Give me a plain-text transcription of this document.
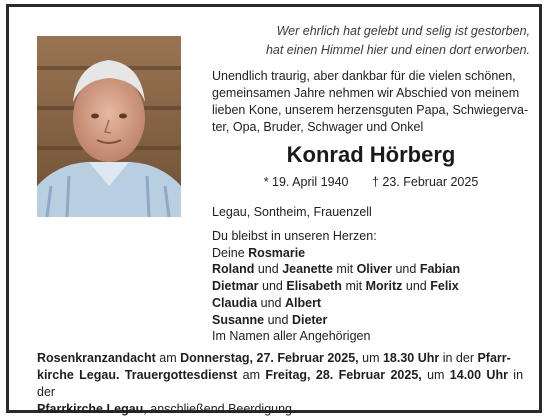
Wer ehrlich hat gelebt und selig ist gestorben,
hat einen Himmel hier und einen dort erworben.
Unendlich traurig, aber dankbar für die vielen schönen,
gemeinsamen Jahre nehmen wir Abschied von meinem
lieben Kone, unserem herzensguten Papa, Schwiegerva-
ter, Opa, Bruder, Schwager und Onkel
Konrad Hörberg
* 19. April 1940 † 23. Februar 2025
Legau, Sontheim, Frauenzell
Du bleibst in unseren Herzen:
Deine Rosmarie
Roland und Jeanette mit Oliver und Fabian
Dietmar und Elisabeth mit Moritz und Felix
Claudia und Albert
Susanne und Dieter
Im Namen aller Angehörigen
Rosenkranzandacht am Donnerstag, 27. Februar 2025, um 18.30 Uhr in der Pfarr-
kirche Legau. Trauergottesdienst am Freitag, 28. Februar 2025, um 14.00 Uhr in der
Pfarrkirche Legau, anschließend Beerdigung.
